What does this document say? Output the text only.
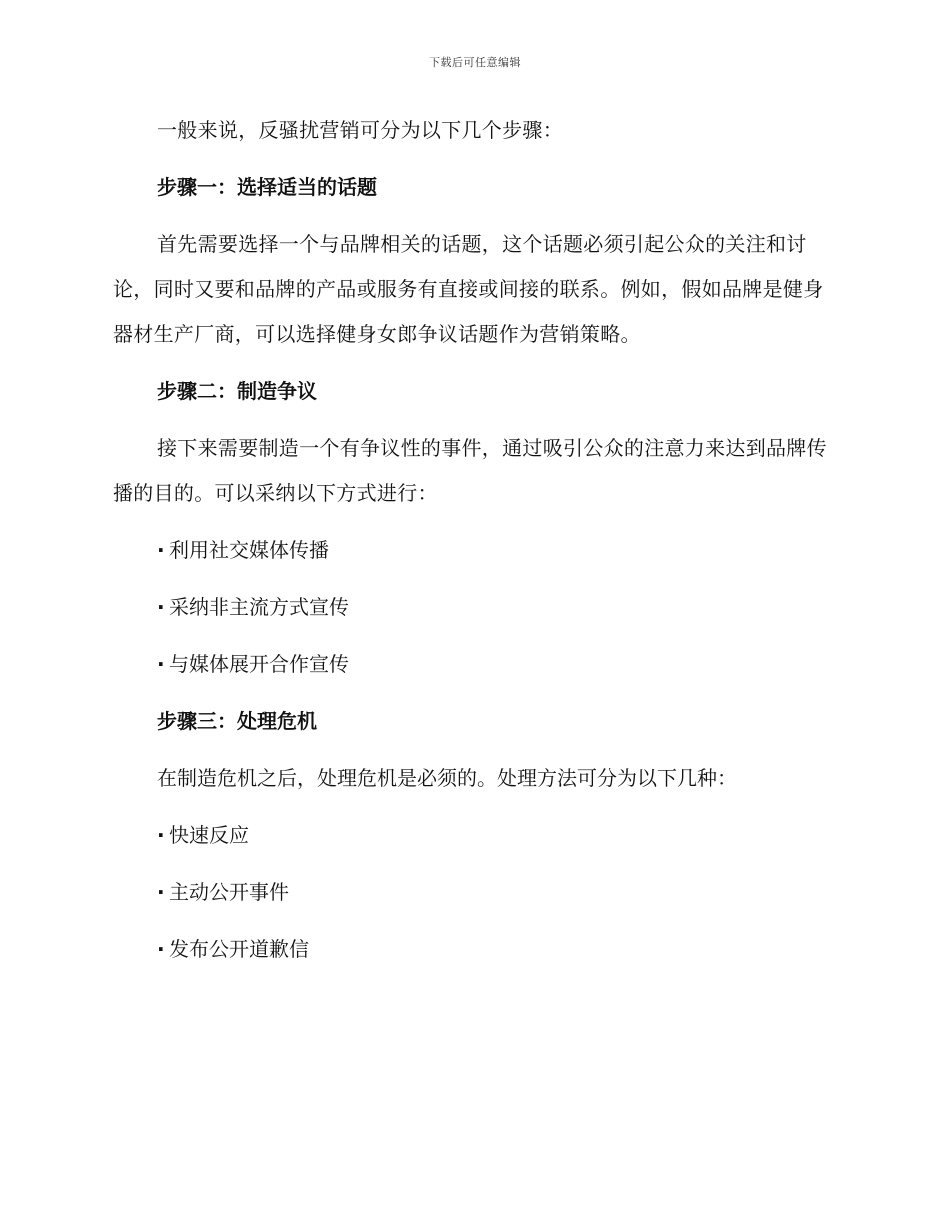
下载后可任意编辑

一般来说，反骚扰营销可分为以下几个步骤：

步骤一：选择适当的话题

首先需要选择一个与品牌相关的话题，这个话题必须引起公众的关注和讨论，同时又要和品牌的产品或服务有直接或间接的联系。例如，假如品牌是健身器材生产厂商，可以选择健身女郎争议话题作为营销策略。

步骤二：制造争议

接下来需要制造一个有争议性的事件，通过吸引公众的注意力来达到品牌传播的目的。可以采纳以下方式进行：

· 利用社交媒体传播

· 采纳非主流方式宣传

· 与媒体展开合作宣传

步骤三：处理危机

在制造危机之后，处理危机是必须的。处理方法可分为以下几种：

· 快速反应

· 主动公开事件

· 发布公开道歉信
